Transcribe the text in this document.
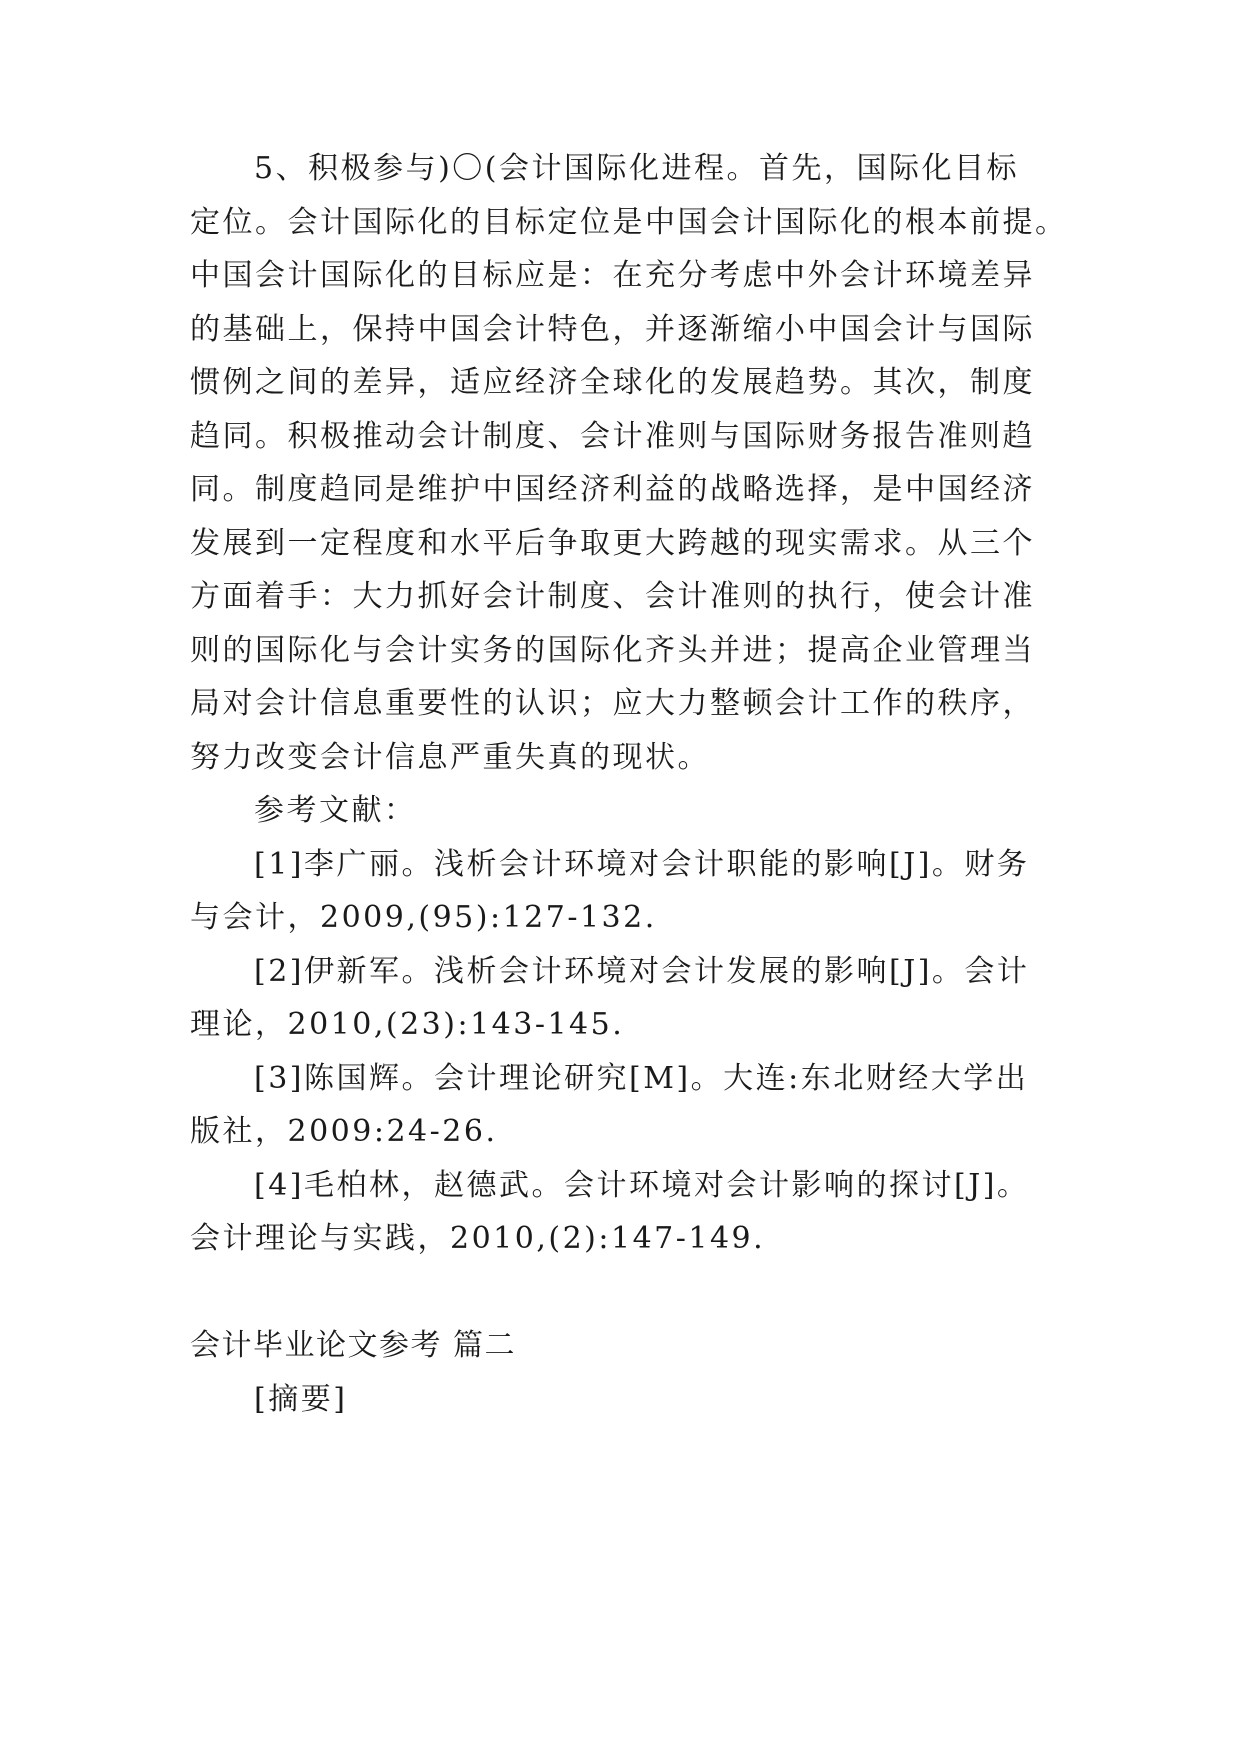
5、积极参与)〇(会计国际化进程。首先，国际化目标
定位。会计国际化的目标定位是中国会计国际化的根本前提。
中国会计国际化的目标应是：在充分考虑中外会计环境差异
的基础上，保持中国会计特色，并逐渐缩小中国会计与国际
惯例之间的差异，适应经济全球化的发展趋势。其次，制度
趋同。积极推动会计制度、会计准则与国际财务报告准则趋
同。制度趋同是维护中国经济利益的战略选择，是中国经济
发展到一定程度和水平后争取更大跨越的现实需求。从三个
方面着手：大力抓好会计制度、会计准则的执行，使会计准
则的国际化与会计实务的国际化齐头并进；提高企业管理当
局对会计信息重要性的认识；应大力整顿会计工作的秩序，
努力改变会计信息严重失真的现状。
参考文献：
[1]李广丽。浅析会计环境对会计职能的影响[J]。财务
与会计，2009,(95):127-132.
[2]伊新军。浅析会计环境对会计发展的影响[J]。会计
理论，2010,(23):143-145.
[3]陈国辉。会计理论研究[M]。大连:东北财经大学出
版社，2009:24-26.
[4]毛柏林，赵德武。会计环境对会计影响的探讨[J]。
会计理论与实践，2010,(2):147-149.
会计毕业论文参考 篇二
[摘要]
